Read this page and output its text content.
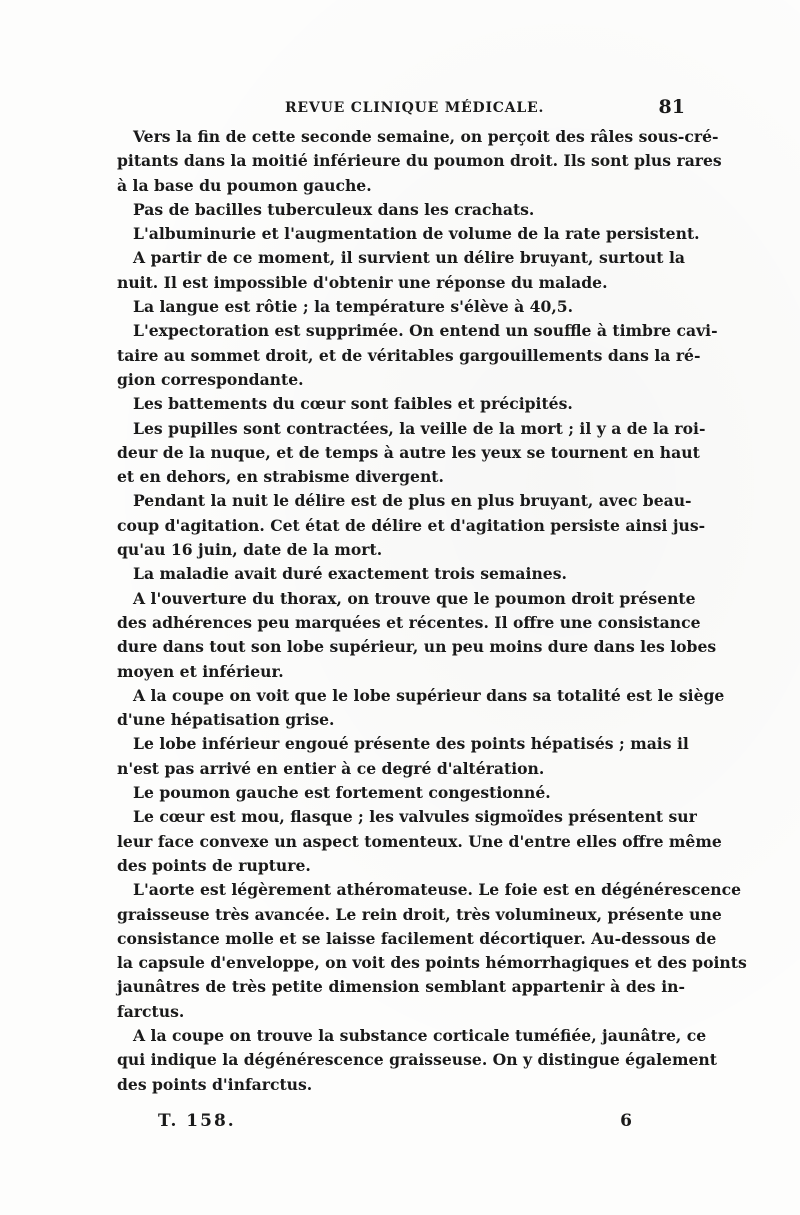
REVUE CLINIQUE MÉDICALE.	81
Vers la fin de cette seconde semaine, on perçoit des râles sous-cré-
pitants dans la moitié inférieure du poumon droit. Ils sont plus rares
à la base du poumon gauche.
Pas de bacilles tuberculeux dans les crachats.
L'albuminurie et l'augmentation de volume de la rate persistent.
A partir de ce moment, il survient un délire bruyant, surtout la
nuit. Il est impossible d'obtenir une réponse du malade.
La langue est rôtie ; la température s'élève à 40,5.
L'expectoration est supprimée. On entend un souffle à timbre cavi-
taire au sommet droit, et de véritables gargouillements dans la ré-
gion correspondante.
Les battements du cœur sont faibles et précipités.
Les pupilles sont contractées, la veille de la mort ; il y a de la roi-
deur de la nuque, et de temps à autre les yeux se tournent en haut
et en dehors, en strabisme divergent.
Pendant la nuit le délire est de plus en plus bruyant, avec beau-
coup d'agitation. Cet état de délire et d'agitation persiste ainsi jus-
qu'au 16 juin, date de la mort.
La maladie avait duré exactement trois semaines.
A l'ouverture du thorax, on trouve que le poumon droit présente
des adhérences peu marquées et récentes. Il offre une consistance
dure dans tout son lobe supérieur, un peu moins dure dans les lobes
moyen et inférieur.
A la coupe on voit que le lobe supérieur dans sa totalité est le siège
d'une hépatisation grise.
Le lobe inférieur engoué présente des points hépatisés ; mais il
n'est pas arrivé en entier à ce degré d'altération.
Le poumon gauche est fortement congestionné.
Le cœur est mou, flasque ; les valvules sigmoïdes présentent sur
leur face convexe un aspect tomenteux. Une d'entre elles offre même
des points de rupture.
L'aorte est légèrement athéromateuse. Le foie est en dégénérescence
graisseuse très avancée. Le rein droit, très volumineux, présente une
consistance molle et se laisse facilement décortiquer. Au-dessous de
la capsule d'enveloppe, on voit des points hémorrhagiques et des points
jaunâtres de très petite dimension semblant appartenir à des in-
farctus.
A la coupe on trouve la substance corticale tuméfiée, jaunâtre, ce
qui indique la dégénérescence graisseuse. On y distingue également
des points d'infarctus.
T. 158.	6
